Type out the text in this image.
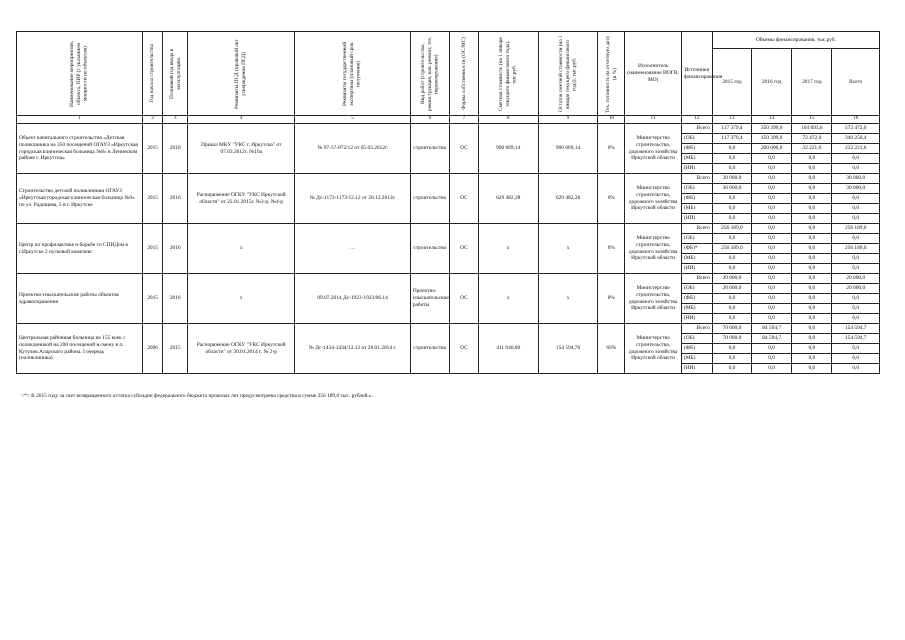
Наименование мероприятия, объекта, ПИР (с указанием мощности по объектам)	Год начала строительства	Плановый год ввода в эксплуатацию	Реквизиты ПСД (правовой акт утверждения ПСД)	Реквизиты государственной экспертизы (плановый срок получения)	Вид работ (строительство, реконструкция, кап. ремонт, тех. перевооружение)	Форма собственности (ОС/МС)	Сметная стоимость (на 1 января текущего финансового года), тыс.руб.	Остаток сметной стоимости (на 1 января текущего финансового года), тыс.руб.	Тех. готовность на отчетную дату (в %)	Исполнитель (наименование ИОГВ, МО)	Источники финансирования	Объемы финансирования, тыс.руб.			
												2015 год	2016 год	2017 год	Всего
1	2	3	4	5	6	7	8	9	10	11	12	13	14	15	16
Объект капитального строительства «Детская поликлиника на 350 посещений ОГАУЗ «Иркутская городская клиническая больница №8» в Ленинском районе г. Иркутска»	2015	2018	Приказ МКУ "УКС г. Иркутска" от 07.03.2012г. №10а	№ 97-37-872/12 от 05.03.2012г.	строительство	ОС	900 669,14	900 669,14	0%	Министерство строительства, дорожного хозяйства Иркутской области	Всего	117 379,4	350 399,0	104 693,6	572 472,0
											(ОБ)	117 379,4	150 399,0	72 472,0	340 250,4
											(ФБ)	0,0	200 000,0	32 221,6	232 221,6
											(МБ)	0,0	0,0	0,0	0,0
											(ИИ)	0,0	0,0	0,0	0,0
Строительство детской поликлиники ОГАУЗ «Иркутская городская клиническая больница №9» по ул. Радищева, 5 в г. Иркутске	2015	2016	Распоряжение ОГКУ "УКС Иркутской области" от 22.01.2015г. №3-р, №4-р	№ Дс-1173-1173/12.12 от 20.12.2013г.	строительство	ОС	629 482,28	629 482,28	0%	Министерство строительства, дорожного хозяйства Иркутской области	Всего	30 000,0	0,0	0,0	30 000,0
											(ОБ)	30 000,0	0,0	0,0	30 000,0
											(ФБ)	0,0	0,0	0,0	0,0
											(МБ)	0,0	0,0	0,0	0,0
											(ИИ)	0,0	0,0	0,0	0,0
Центр по профилактике и борьбе со СПИДом в г.Иркутске 2 пусковой комплекс	2015	2016	х	…	строительство	ОС	х	х	0%	Министерство строительства, дорожного хозяйства Иркутской области	Всего	256 189,0	0,0	0,0	256 189,0
											(ОБ)	0,0	0,0	0,0	0,0
											(ФБ)*	256 189,0	0,0	0,0	256 189,0
											(МБ)	0,0	0,0	0,0	0,0
											(ИИ)	0,0	0,0	0,0	0,0
Проектно-изыскательские работы объектов здравоохранения	2015	2016	х	09.07.2014 Дс-1923-1923/06.14	Проектно-изыскательские работы	ОС	х	х	0%	Министерство строительства, дорожного хозяйства Иркутской области	Всего	20 000,0	0,0	0,0	20 000,0
											(ОБ)	20 000,0	0,0	0,0	20 000,0
											(ФБ)	0,0	0,0	0,0	0,0
											(МБ)	0,0	0,0	0,0	0,0
											(ИИ)	0,0	0,0	0,0	0,0
Центральная районная больница на 155 коек с поликлиникой на 200 посещений в смену в п. Кутулик Аларского района. I очередь (поликлиника).	2006	2015	Распоряжение ОГКУ "УКС Иркутской области" от 30.01.2014 г. № 2-р	№ Дс-1434-1434/12.13 от 28.01.2014 г.	строительство	ОС	411 640,80	154 594,70	69%	Министерство строительства, дорожного хозяйства Иркутской области	Всего	70 000,0	84 594,7	0,0	154 594,7
											(ОБ)	70 000,0	84 594,7	0,0	154 594,7
											(ФБ)	0,0	0,0	0,0	0,0
											(МБ)	0,0	0,0	0,0	0,0
											(ИИ)	0,0	0,0	0,0	0,0
<*> В 2015 году за счет возвращенного остатка субсидии федерального бюджета прошлых лет предусмотрены средства в сумме 256 189,0 тыс. рублей.».
